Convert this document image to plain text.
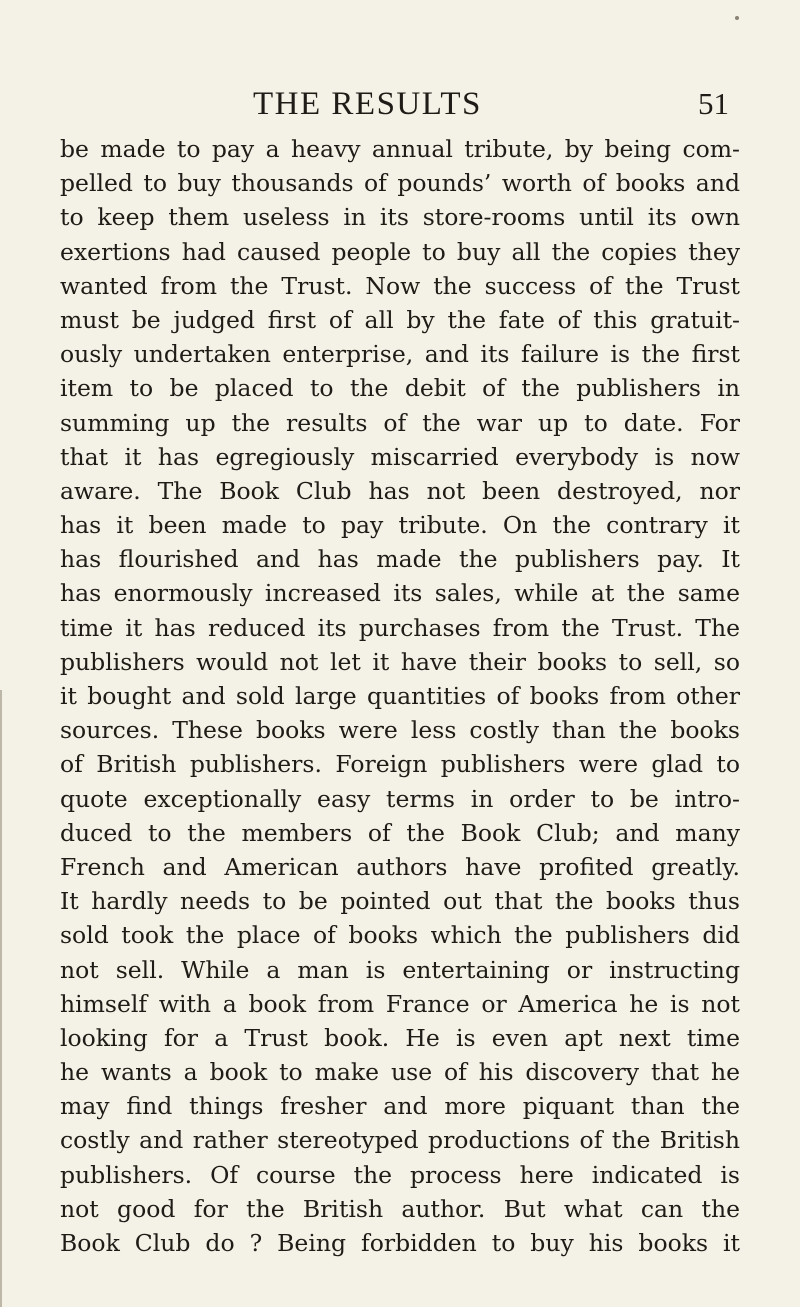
THE RESULTS	51
be made to pay a heavy annual tribute, by being com-
pelled to buy thousands of pounds’ worth of books and
to keep them useless in its store-rooms until its own
exertions had caused people to buy all the copies they
wanted from the Trust. Now the success of the Trust
must be judged first of all by the fate of this gratuit-
ously undertaken enterprise, and its failure is the first
item to be placed to the debit of the publishers in
summing up the results of the war up to date. For
that it has egregiously miscarried everybody is now
aware. The Book Club has not been destroyed, nor
has it been made to pay tribute. On the contrary it
has flourished and has made the publishers pay. It
has enormously increased its sales, while at the same
time it has reduced its purchases from the Trust. The
publishers would not let it have their books to sell, so
it bought and sold large quantities of books from other
sources. These books were less costly than the books
of British publishers. Foreign publishers were glad to
quote exceptionally easy terms in order to be intro-
duced to the members of the Book Club; and many
French and American authors have profited greatly.
It hardly needs to be pointed out that the books thus
sold took the place of books which the publishers did
not sell. While a man is entertaining or instructing
himself with a book from France or America he is not
looking for a Trust book. He is even apt next time
he wants a book to make use of his discovery that he
may find things fresher and more piquant than the
costly and rather stereotyped productions of the British
publishers. Of course the process here indicated is
not good for the British author. But what can the
Book Club do ? Being forbidden to buy his books it
